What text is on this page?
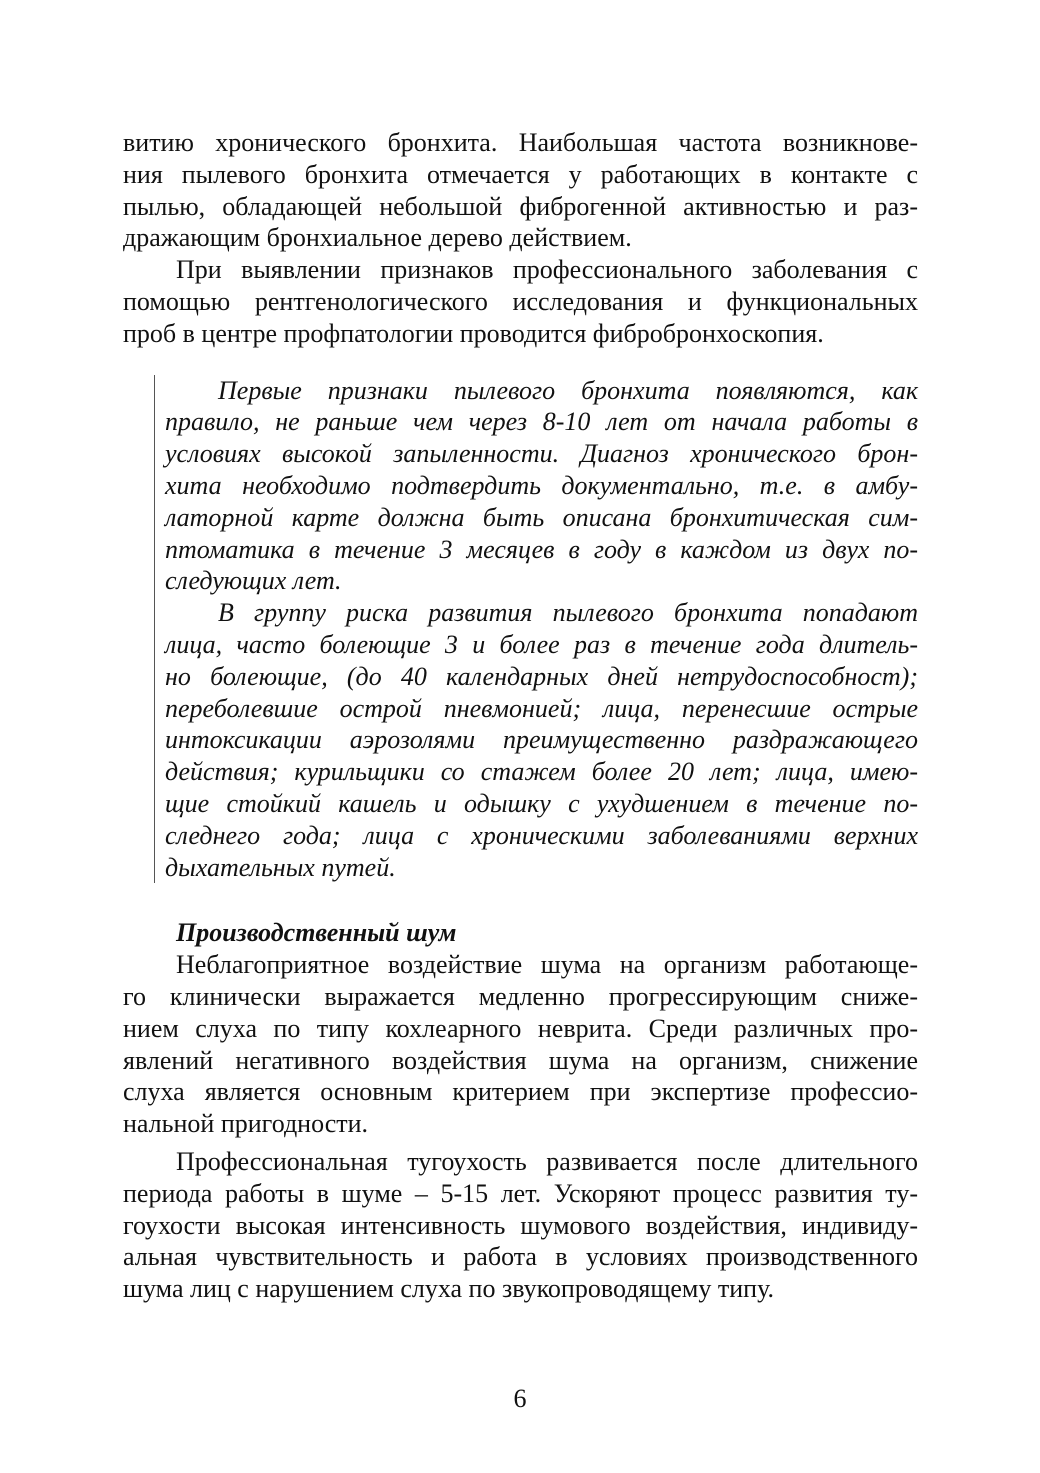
витию хронического бронхита. Наибольшая частота возникнове-
ния пылевого бронхита отмечается у работающих в контакте с
пылью, обладающей небольшой фиброгенной активностью и раз-
дражающим бронхиальное дерево действием.
При выявлении признаков профессионального заболевания с
помощью рентгенологического исследования и функциональных
проб в центре профпатологии проводится фибробронхоскопия.
Первые признаки пылевого бронхита появляются, как
правило, не раньше чем через 8-10 лет от начала работы в
условиях высокой запыленности. Диагноз хронического брон-
хита необходимо подтвердить документально, т.е. в амбу-
латорной карте должна быть описана бронхитическая сим-
птоматика в течение 3 месяцев в году в каждом из двух по-
следующих лет.
В группу риска развития пылевого бронхита попадают
лица, часто болеющие 3 и более раз в течение года длитель-
но болеющие, (до 40 календарных дней нетрудоспособност);
переболевшие острой пневмонией; лица, перенесшие острые
интоксикации аэрозолями преимущественно раздражающего
действия; курильщики со стажем более 20 лет; лица, имею-
щие стойкий кашель и одышку с ухудшением в течение по-
следнего года; лица с хроническими заболеваниями верхних
дыхательных путей.
Производственный шум
Неблагоприятное воздействие шума на организм работающе-
го клинически выражается медленно прогрессирующим сниже-
нием слуха по типу кохлеарного неврита. Среди различных про-
явлений негативного воздействия шума на организм, снижение
слуха является основным критерием при экспертизе профессио-
нальной пригодности.
Профессиональная тугоухость развивается после длительного
периода работы в шуме – 5-15 лет. Ускоряют процесс развития ту-
гоухости высокая интенсивность шумового воздействия, индивиду-
альная чувствительность и работа в условиях производственного
шума лиц с нарушением слуха по звукопроводящему типу.
6
